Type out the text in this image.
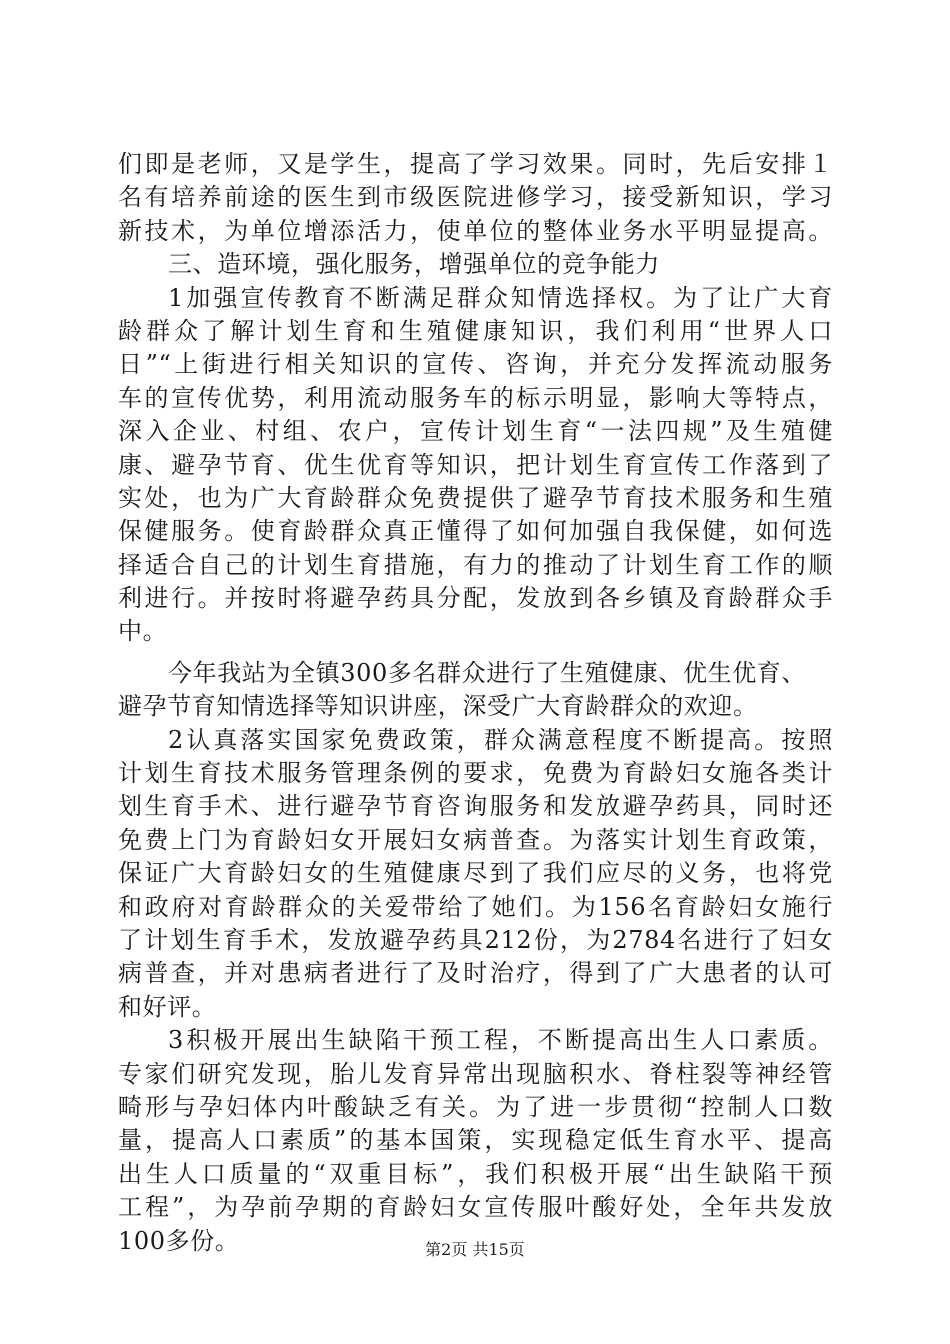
们即是老师，又是学生，提高了学习效果。同时，先后安排１
名有培养前途的医生到市级医院进修学习，接受新知识，学习
新技术，为单位增添活力，使单位的整体业务水平明显提高。
三、造环境，强化服务，增强单位的竞争能力
1加强宣传教育不断满足群众知情选择权。为了让广大育
龄群众了解计划生育和生殖健康知识，我们利用“世界人口
日”“上街进行相关知识的宣传、咨询，并充分发挥流动服务
车的宣传优势，利用流动服务车的标示明显，影响大等特点，
深入企业、村组、农户，宣传计划生育“一法四规”及生殖健
康、避孕节育、优生优育等知识，把计划生育宣传工作落到了
实处，也为广大育龄群众免费提供了避孕节育技术服务和生殖
保健服务。使育龄群众真正懂得了如何加强自我保健，如何选
择适合自己的计划生育措施，有力的推动了计划生育工作的顺
利进行。并按时将避孕药具分配，发放到各乡镇及育龄群众手
中。
今年我站为全镇300多名群众进行了生殖健康、优生优育、
避孕节育知情选择等知识讲座，深受广大育龄群众的欢迎。
2认真落实国家免费政策，群众满意程度不断提高。按照
计划生育技术服务管理条例的要求，免费为育龄妇女施各类计
划生育手术、进行避孕节育咨询服务和发放避孕药具，同时还
免费上门为育龄妇女开展妇女病普查。为落实计划生育政策，
保证广大育龄妇女的生殖健康尽到了我们应尽的义务，也将党
和政府对育龄群众的关爱带给了她们。为156名育龄妇女施行
了计划生育手术，发放避孕药具212份，为2784名进行了妇女
病普查，并对患病者进行了及时治疗，得到了广大患者的认可
和好评。
3积极开展出生缺陷干预工程，不断提高出生人口素质。
专家们研究发现，胎儿发育异常出现脑积水、脊柱裂等神经管
畸形与孕妇体内叶酸缺乏有关。为了进一步贯彻“控制人口数
量，提高人口素质”的基本国策，实现稳定低生育水平、提高
出生人口质量的“双重目标”，我们积极开展“出生缺陷干预
工程”，为孕前孕期的育龄妇女宣传服叶酸好处，全年共发放
100多份。	第2页 共15页
